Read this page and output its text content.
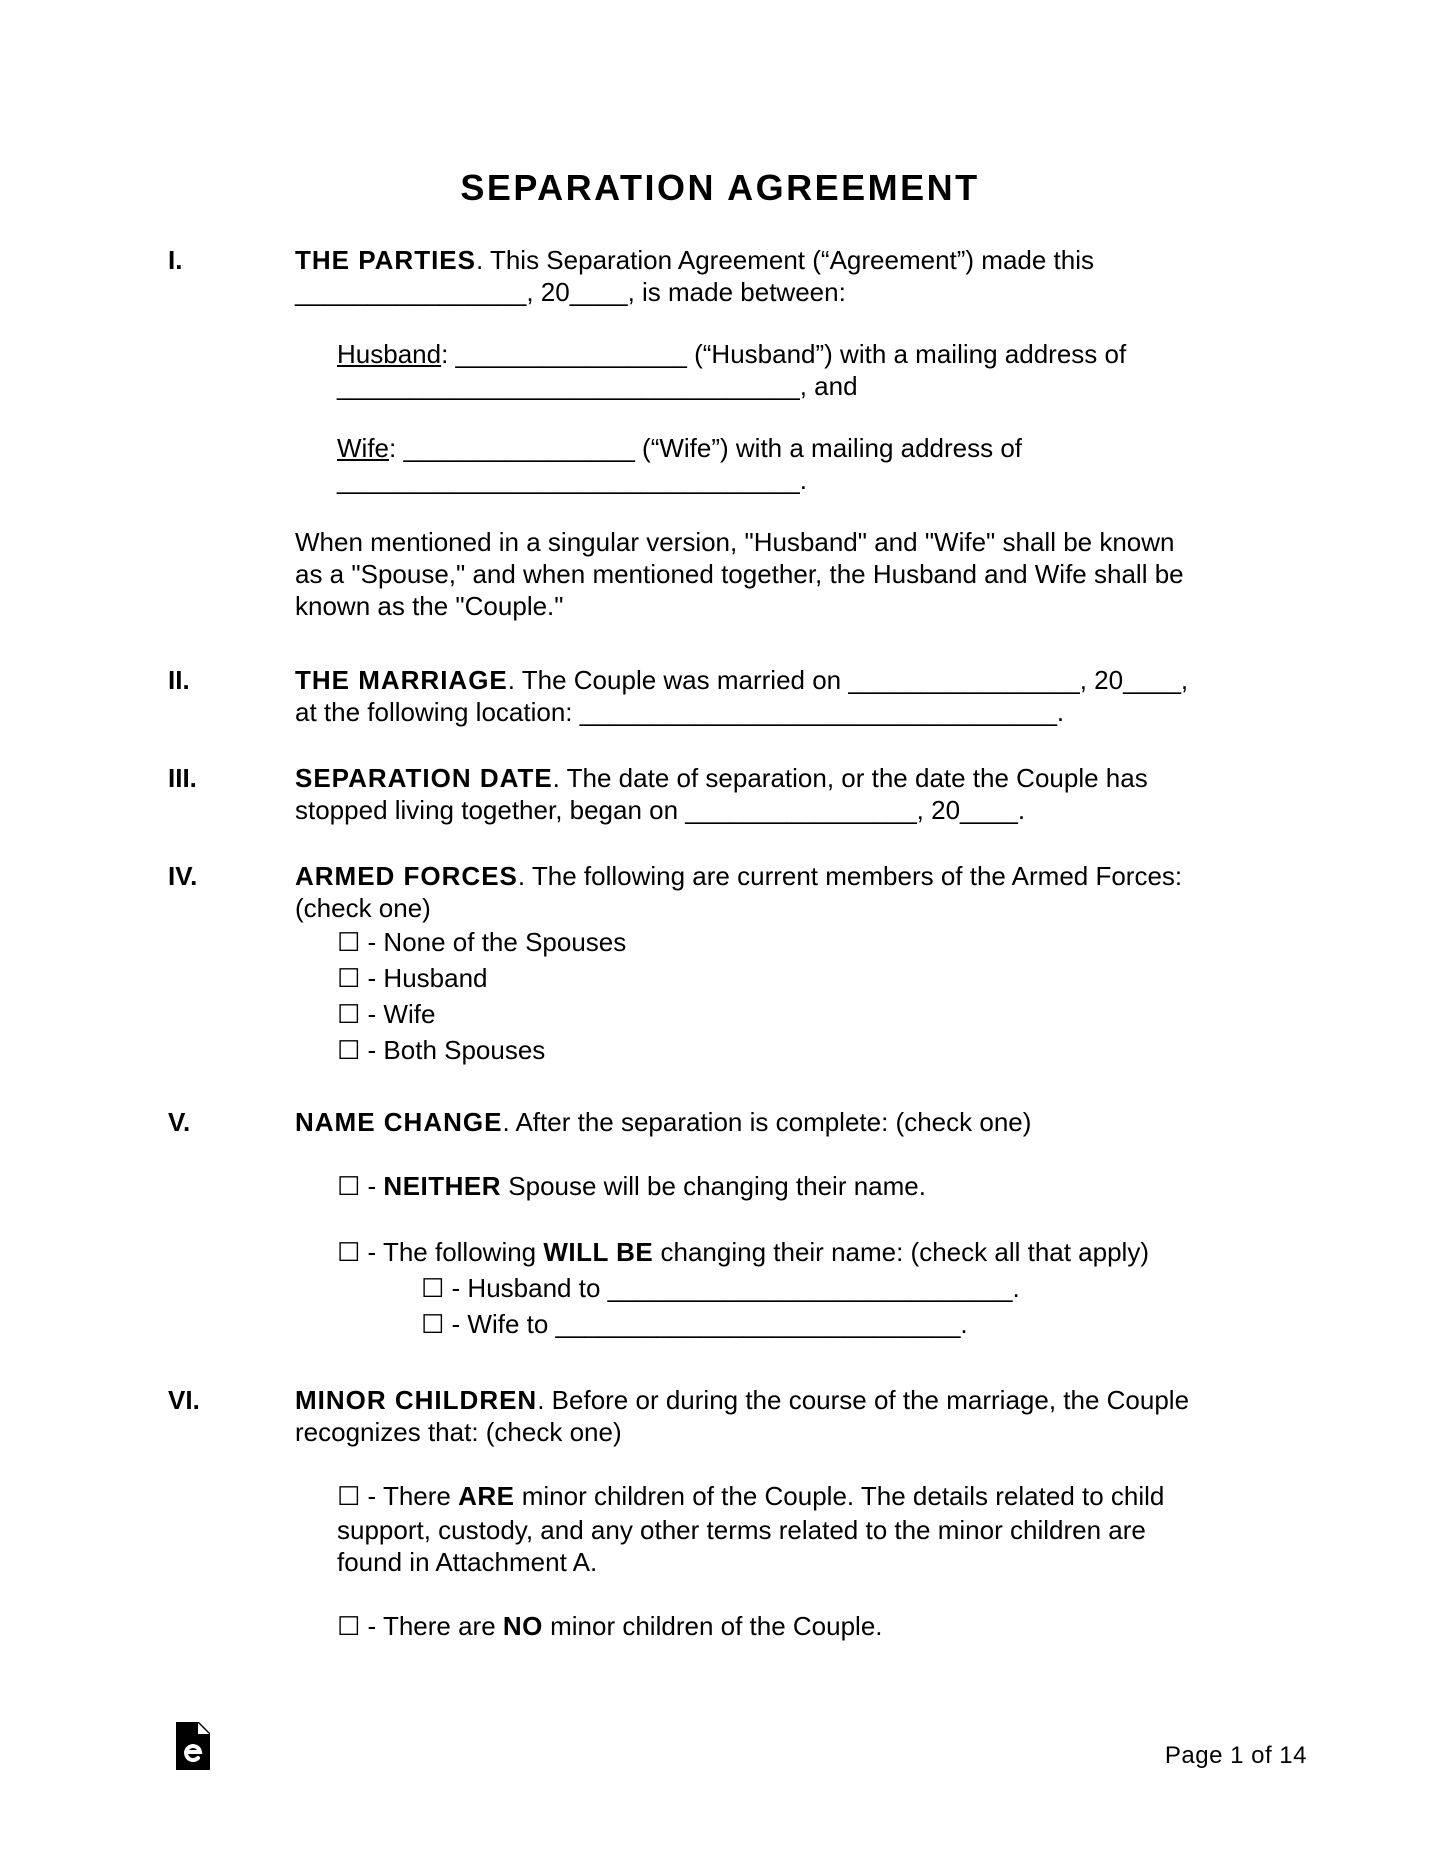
SEPARATION AGREEMENT
I.	THE PARTIES. This Separation Agreement (“Agreement”) made this
________________, 20____, is made between:
Husband: ________________ (“Husband”) with a mailing address of
________________________________, and
Wife: ________________ (“Wife”) with a mailing address of
________________________________.
When mentioned in a singular version, "Husband" and "Wife" shall be known
as a "Spouse," and when mentioned together, the Husband and Wife shall be
known as the "Couple."
II.	THE MARRIAGE. The Couple was married on ________________, 20____,
at the following location: _________________________________.
III.	SEPARATION DATE. The date of separation, or the date the Couple has
stopped living together, began on ________________, 20____.
IV.	ARMED FORCES. The following are current members of the Armed Forces:
(check one)
☐ - None of the Spouses
☐ - Husband
☐ - Wife
☐ - Both Spouses
V.	NAME CHANGE. After the separation is complete: (check one)
☐ - NEITHER Spouse will be changing their name.
☐ - The following WILL BE changing their name: (check all that apply)
☐ - Husband to ____________________________.
☐ - Wife to ____________________________.
VI.	MINOR CHILDREN. Before or during the course of the marriage, the Couple
recognizes that: (check one)
☐ - There ARE minor children of the Couple. The details related to child
support, custody, and any other terms related to the minor children are
found in Attachment A.
☐ - There are NO minor children of the Couple.
Page 1 of 14
